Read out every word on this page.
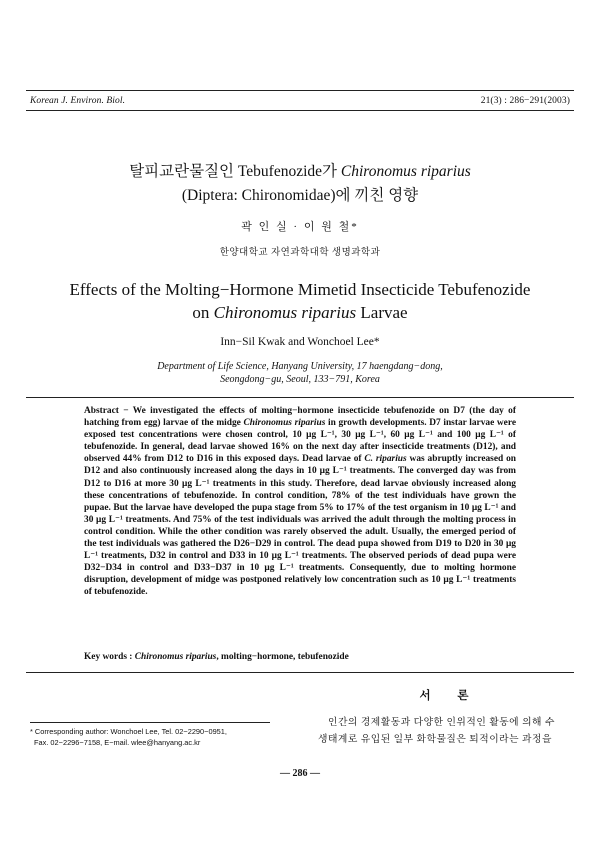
Korean J. Environ. Biol.	21(3) : 286−291(2003)
탈피교란물질인 Tebufenozide가 Chironomus riparius
(Diptera: Chironomidae)에 끼친 영향
곽 인 실 · 이 원 철*
한양대학교 자연과학대학 생명과학과
Effects of the Molting−Hormone Mimetid Insecticide Tebufenozide
on Chironomus riparius Larvae
Inn−Sil Kwak and Wonchoel Lee*
Department of Life Science, Hanyang University, 17 haengdang−dong,
Seongdong−gu, Seoul, 133−791, Korea
Abstract − We investigated the effects of molting−hormone insecticide tebufenozide on D7 (the day of hatching from egg) larvae of the midge Chironomus riparius in growth developments. D7 instar larvae were exposed test concentrations were chosen control, 10 μg L⁻¹, 30 μg L⁻¹, 60 μg L⁻¹ and 100 μg L⁻¹ of tebufenozide. In general, dead larvae showed 16% on the next day after insecticide treatments (D12), and observed 44% from D12 to D16 in this exposed days. Dead larvae of C. riparius was abruptly increased on D12 and also continuously increased along the days in 10 μg L⁻¹ treatments. The converged day was from D12 to D16 at more 30 μg L⁻¹ treatments in this study. Therefore, dead larvae obviously increased along these concentrations of tebufenozide. In control condition, 78% of the test individuals have grown the pupae. But the larvae have developed the pupa stage from 5% to 17% of the test organism in 10 μg L⁻¹ and 30 μg L⁻¹ treatments. And 75% of the test individuals was arrived the adult through the molting process in control condition. While the other condition was rarely observed the adult. Usually, the emerged period of the test individuals was gathered the D26−D29 in control. The dead pupa showed from D19 to D20 in 30 μg L⁻¹ treatments, D32 in control and D33 in 10 μg L⁻¹ treatments. The observed periods of dead pupa were D32−D34 in control and D33−D37 in 10 μg L⁻¹ treatments. Consequently, due to molting hormone disruption, development of midge was postponed relatively low concentration such as 10 μg L⁻¹ treatments of tebufenozide.
Key words : Chironomus riparius, molting−hormone, tebufenozide
서 론

인간의 경제활동과 다양한 인위적인 활동에 의해 수

생태계로 유입된 일부 화학물질은 퇴적이라는 과정을
* Corresponding author: Wonchoel Lee, Tel. 02−2290−0951,
Fax. 02−2296−7158, E−mail. wlee@hanyang.ac.kr
— 286 —
